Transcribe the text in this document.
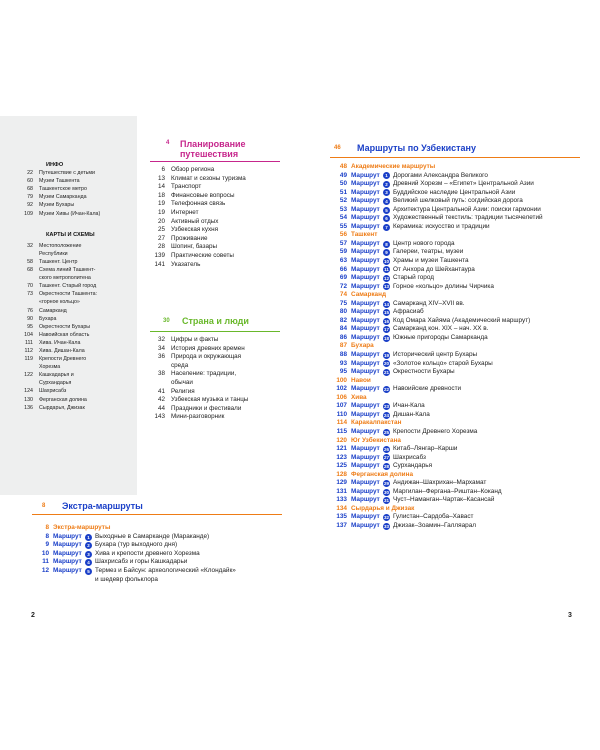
ИНФО
22	Путешествие с детьми
60	Музеи Ташкента
68	Ташкентское метро
79	Музеи Самарканда
92	Музеи Бухары
109	Музеи Хивы (Ичан-Кала)
КАРТЫ И СХЕМЫ
32	Местоположение
Республики
58	Ташкент. Центр
68	Схема линий Ташкент-
ского метрополитена
70	Ташкент. Старый город
73	Окрестности Ташкента:
«горное кольцо»
76	Самарканд
90	Бухара
95	Окрестности Бухары
104	Навоийская область
111	Хива. Ичан-Кала
112	Хива. Дишан-Кала
119	Крепости Древнего
Хорезма
122	Кашкадарья и
Сурхандарья
124	Шахрисабз
130	Ферганская долина
136	Сырдарья, Джизак
4 Планирование путешествия
6 Обзор региона
13 Климат и сезоны туризма
14 Транспорт
18 Финансовые вопросы
19 Телефонная связь
19 Интернет
20 Активный отдых
25 Узбекская кухня
27 Проживание
28 Шопинг, базары
139 Практические советы
141 Указатель
30 Страна и люди
32 Цифры и факты
34 История древних времен
36 Природа и окружающая
среда
38 Население: традиции,
обычаи
41 Религия
42 Узбекская музыка и танцы
44 Праздники и фестивали
143 Мини-разговорник
8 Экстра-маршруты
8 Экстра-маршруты
8 Маршрут	1 Выходные в Самарканде (Мараканде)
9 Маршрут	2 Бухара (тур выходного дня)
10 Маршрут	3 Хива и крепости древнего Хорезма
11 Маршрут	4 Шахрисабз и горы Кашкадарьи
12 Маршрут	5 Термез и Байсун: археологический «Клондайк»
и шедевр фольклора
46 Маршруты по Узбекистану
48 Академические маршруты
49 Маршрут	1 Дорогами Александра Великого
50 Маршрут	2 Древний Хорезм – «Египет» Центральной Азии
51 Маршрут	3 Буддийское наследие Центральной Азии
52 Маршрут	4 Великий шелковый путь: согдийская дорога
53 Маршрут	5 Архитектура Центральной Азии: поиски гармонии
54 Маршрут	6 Художественный текстиль: традиции тысячелетий
55 Маршрут	7 Керамика: искусство и традиции
56 Ташкент
57 Маршрут	8 Центр нового города
59 Маршрут	9 Галереи, театры, музеи
63 Маршрут 10 Храмы и музеи Ташкента
66 Маршрут 11 От Анхора до Шейхантаура
69 Маршрут 12 Старый город
72 Маршрут 13 Горное «кольцо» долины Чирчика
74 Самарканд
75 Маршрут 14 Самарканд XIV–XVII вв.
80 Маршрут 15 Афрасиаб
82 Маршрут 16 Код Омара Хайяма (Академический маршрут)
84 Маршрут 17 Самарканд кон. XIX – нач. XX в.
86 Маршрут 18 Южные пригороды Самарканда
87 Бухара
88 Маршрут 19 Исторический центр Бухары
93 Маршрут 20 «Золотое кольцо» старой Бухары
95 Маршрут 21 Окрестности Бухары
100 Навои
102 Маршрут 22 Навоийские древности
106 Хива
107 Маршрут 23 Ичан-Кала
110 Маршрут 24 Дишан-Кала
114 Каракалпакстан
115 Маршрут 25 Крепости Древнего Хорезма
120 Юг Узбекистана
121 Маршрут 26 Китаб–Лянгар–Карши
123 Маршрут 27 Шахрисабз
125 Маршрут 28 Сурхандарья
128 Ферганская долина
129 Маршрут 29 Андижан–Шахрихан–Мархамат
131 Маршрут 30 Маргилан–Фергана–Риштан–Коканд
133 Маршрут 31 Чуст–Наманган–Чартак–Касансай
134 Сырдарья и Джизак
135 Маршрут 32 Гулистан–Сардоба–Хаваст
137 Маршрут 33 Джизак–Зоамин–Галляарал
2	3
